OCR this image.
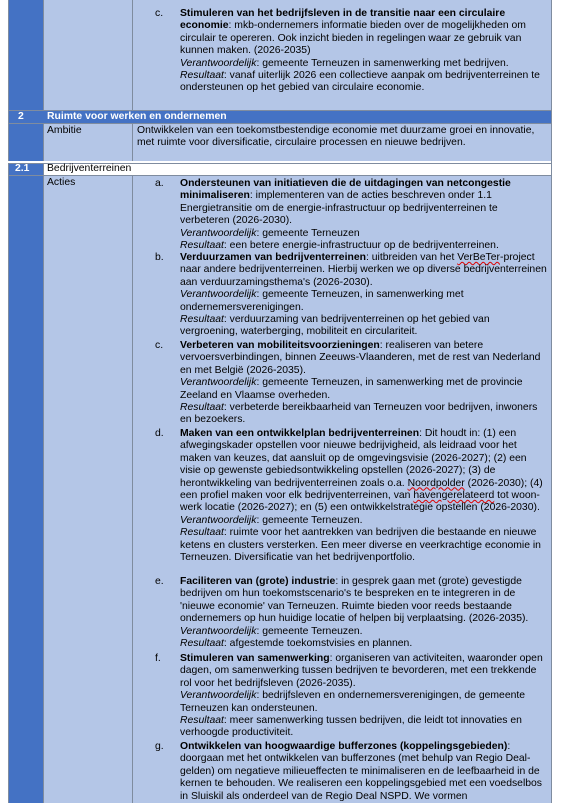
c.	Stimuleren van het bedrijfsleven in de transitie naar een circulaire economie: mkb-ondernemers informatie bieden over de mogelijkheden om circulair te opereren. Ook inzicht bieden in regelingen waar ze gebruik van kunnen maken. (2026-2035)

Verantwoordelijk: gemeente Terneuzen in samenwerking met bedrijven.

Resultaat: vanaf uiterlijk 2026 een collectieve aanpak om bedrijventerreinen te ondersteunen op het gebied van circulaire economie.

2	Ruimte voor werken en ondernemen
Ambitie	Ontwikkelen van een toekomstbestendige economie met duurzame groei en innovatie, met ruimte voor diversificatie, circulaire processen en nieuwe bedrijven.
2.1	Bedrijventerreinen
Acties	a.	Ondersteunen van initiatieven die de uitdagingen van netcongestie minimaliseren: implementeren van de acties beschreven onder 1.1 Energietransitie om de energie-infrastructuur op bedrijventerreinen te verbeteren (2026-2030).

Verantwoordelijk: gemeente Terneuzen

Resultaat: een betere energie-infrastructuur op de bedrijventerreinen.

b.	Verduurzamen van bedrijventerreinen: uitbreiden van het VerBeTer-project naar andere bedrijventerreinen. Hierbij werken we op diverse bedrijventerreinen aan verduurzamingsthema's (2026-2030).

Verantwoordelijk: gemeente Terneuzen, in samenwerking met ondernemersverenigingen.

Resultaat: verduurzaming van bedrijventerreinen op het gebied van vergroening, waterberging, mobiliteit en circulariteit.

c.	Verbeteren van mobiliteitsvoorzieningen: realiseren van betere vervoersverbindingen, binnen Zeeuws-Vlaanderen, met de rest van Nederland en met België (2026-2035).

Verantwoordelijk: gemeente Terneuzen, in samenwerking met de provincie Zeeland en Vlaamse overheden.

Resultaat: verbeterde bereikbaarheid van Terneuzen voor bedrijven, inwoners en bezoekers.

d.	Maken van een ontwikkelplan bedrijventerreinen: Dit houdt in: (1) een afwegingskader opstellen voor nieuwe bedrijvigheid, als leidraad voor het maken van keuzes, dat aansluit op de omgevingsvisie (2026-2027); (2) een visie op gewenste gebiedsontwikkeling opstellen (2026-2027); (3) de herontwikkeling van bedrijventerreinen zoals o.a. Noordpolder (2026-2030); (4) een profiel maken voor elk bedrijventerreinen, van havengerelateerd tot woon-werk locatie (2026-2027); en (5) een ontwikkelstrategie opstellen (2026-2030).

Verantwoordelijk: gemeente Terneuzen.

Resultaat: ruimte voor het aantrekken van bedrijven die bestaande en nieuwe ketens en clusters versterken. Een meer diverse en veerkrachtige economie in Terneuzen. Diversificatie van het bedrijvenportfolio.

e.	Faciliteren van (grote) industrie: in gesprek gaan met (grote) gevestigde bedrijven om hun toekomstscenario's te bespreken en te integreren in de 'nieuwe economie' van Terneuzen. Ruimte bieden voor reeds bestaande ondernemers op hun huidige locatie of helpen bij verplaatsing. (2026-2035).

Verantwoordelijk: gemeente Terneuzen.

Resultaat: afgestemde toekomstvisies en plannen.

f.	Stimuleren van samenwerking: organiseren van activiteiten, waaronder open dagen, om samenwerking tussen bedrijven te bevorderen, met een trekkende rol voor het bedrijfsleven (2026-2035).

Verantwoordelijk: bedrijfsleven en ondernemersverenigingen, de gemeente Terneuzen kan ondersteunen.

Resultaat: meer samenwerking tussen bedrijven, die leidt tot innovaties en verhoogde productiviteit.

g.	Ontwikkelen van hoogwaardige bufferzones (koppelingsgebieden): doorgaan met het ontwikkelen van bufferzones (met behulp van Regio Deal-gelden) om negatieve milieueffecten te minimaliseren en de leefbaarheid in de kernen te behouden. We realiseren een koppelingsgebied met een voedselbos in Sluiskil als onderdeel van de Regio Deal NSPD. We vormen
